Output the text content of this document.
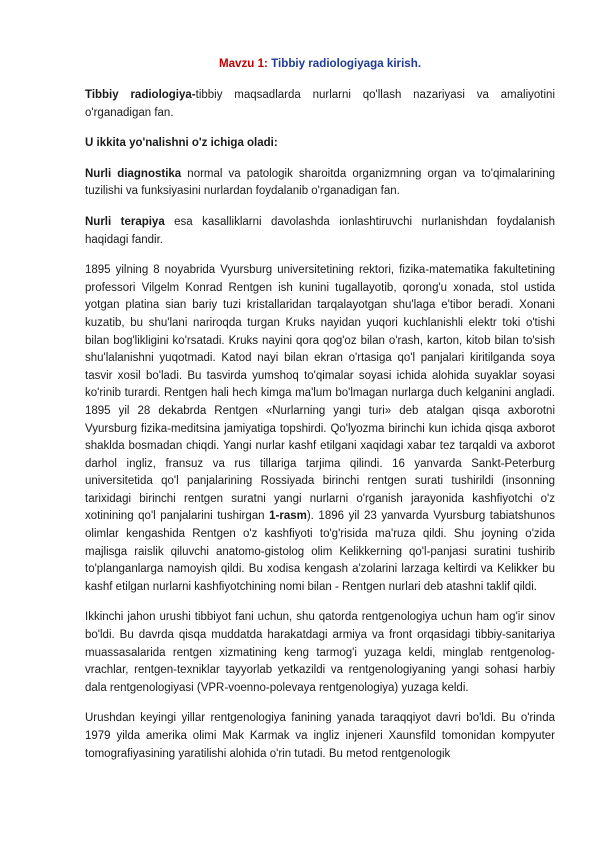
Mavzu 1: Tibbiy radiologiyaga kirish.

Tibbiy radiologiya-tibbiy maqsadlarda nurlarni qo'llash nazariyasi va amaliyotini o'rganadigan fan.

U ikkita yo'nalishni o'z ichiga oladi:

Nurli diagnostika normal va patologik sharoitda organizmning organ va to'qimalarining tuzilishi va funksiyasini nurlardan foydalanib o'rganadigan fan.

Nurli terapiya esa kasalliklarni davolashda ionlashtiruvchi nurlanishdan foydalanish haqidagi fandir.

1895 yilning 8 noyabrida Vyursburg universitetining rektori, fizika-matematika fakultetining professori Vilgelm Konrad Rentgen ish kunini tugallayotib, qorong'u xonada, stol ustida yotgan platina sian bariy tuzi kristallaridan tarqalayotgan shu'laga e'tibor beradi. Xonani kuzatib, bu shu'lani nariroqda turgan Kruks nayidan yuqori kuchlanishli elektr toki o'tishi bilan bog'likligini ko'rsatadi. Kruks nayini qora qog'oz bilan o'rash, karton, kitob bilan to'sish shu'lalanishni yuqotmadi. Katod nayi bilan ekran o'rtasiga qo'l panjalari kiritilganda soya tasvir xosil bo'ladi. Bu tasvirda yumshoq to'qimalar soyasi ichida alohida suyaklar soyasi ko'rinib turardi. Rentgen hali hech kimga ma'lum bo'lmagan nurlarga duch kelganini angladi. 1895 yil 28 dekabrda Rentgen «Nurlarning yangi turi» deb atalgan qisqa axborotni Vyursburg fizika-meditsina jamiyatiga topshirdi. Qo'lyozma birinchi kun ichida qisqa axborot shaklda bosmadan chiqdi. Yangi nurlar kashf etilgani xaqidagi xabar tez tarqaldi va axborot darhol ingliz, fransuz va rus tillariga tarjima qilindi. 16 yanvarda Sankt-Peterburg universitetida qo'l panjalarining Rossiyada birinchi rentgen surati tushirildi (insonning tarixidagi birinchi rentgen suratni yangi nurlarni o'rganish jarayonida kashfiyotchi o'z xotinining qo'l panjalarini tushirgan 1-rasm). 1896 yil 23 yanvarda Vyursburg tabiatshunos olimlar kengashida Rentgen o'z kashfiyoti to'g'risida ma'ruza qildi. Shu joyning o'zida majlisga raislik qiluvchi anatomo-gistolog olim Kelikkerning qo'l-panjasi suratini tushirib to'planganlarga namoyish qildi. Bu xodisa kengash a'zolarini larzaga keltirdi va Kelikker bu kashf etilgan nurlarni kashfiyotchining nomi bilan - Rentgen nurlari deb atashni taklif qildi.

Ikkinchi jahon urushi tibbiyot fani uchun, shu qatorda rentgenologiya uchun ham og'ir sinov bo'ldi. Bu davrda qisqa muddatda harakatdagi armiya va front orqasidagi tibbiy-sanitariya muassasalarida rentgen xizmatining keng tarmog'i yuzaga keldi, minglab rentgenolog-vrachlar, rentgen-texniklar tayyorlab yetkazildi va rentgenologiyaning yangi sohasi harbiy dala rentgenologiyasi (VPR-voenno-polevaya rentgenologiya) yuzaga keldi.

Urushdan keyingi yillar rentgenologiya fanining yanada taraqqiyot davri bo'ldi. Bu o'rinda 1979 yilda amerika olimi Mak Karmak va ingliz injeneri Xaunsfild tomonidan kompyuter tomografiyasining yaratilishi alohida o'rin tutadi. Bu metod rentgenologik
